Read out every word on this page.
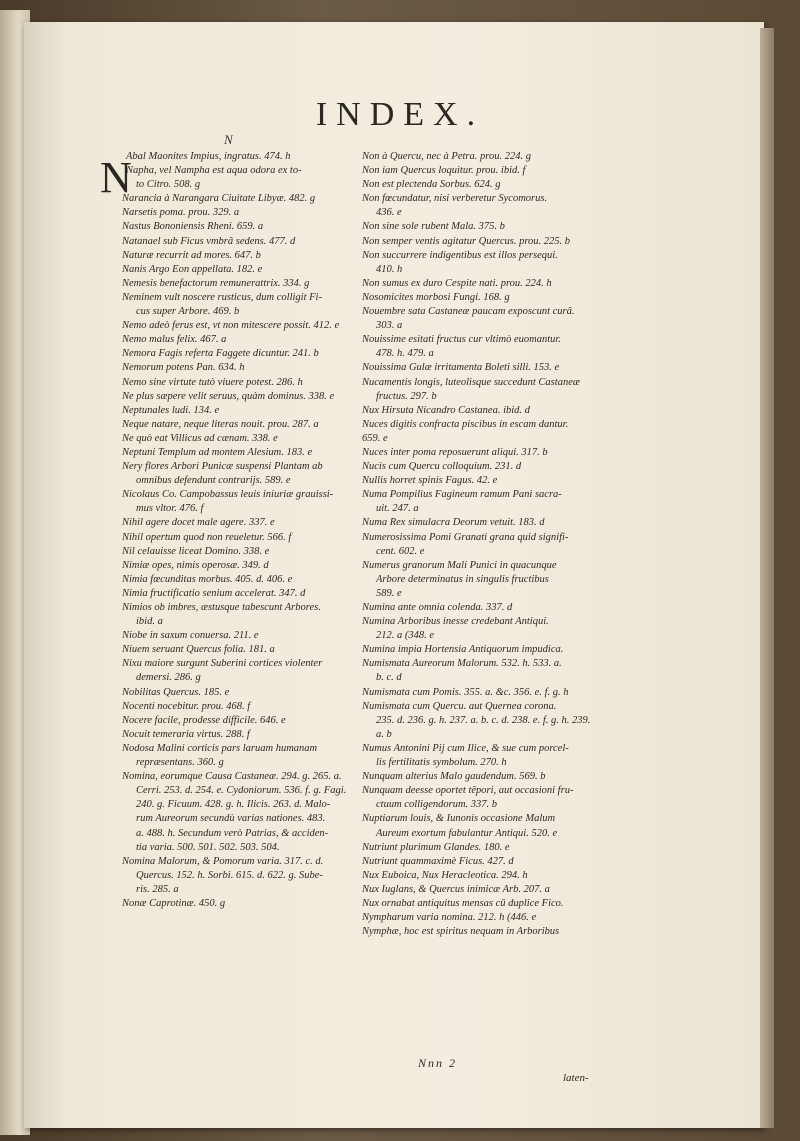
INDEX.
N
N
Abal Maonites Impius, ingratus. 474. h
Napha, vel Nampha est aqua odora ex to-
to Citro. 508. g
Narancia à Narangara Ciuitate Libyæ. 482. g
Narsetis poma. prou. 329. a
Nastus Bononiensis Rheni. 659. a
Natanael sub Ficus vmbrâ sedens. 477. d
Naturæ recurrit ad mores. 647. b
Nanis Argo Eon appellata. 182. e
Nemesis benefactorum remunerattrix. 334. g
Neminem vult noscere rusticus, dum colligit Fi-
cus super Arbore. 469. b
Nemo adeò ferus est, vt non mitescere possit. 412. e
Nemo malus felix. 467. a
Nemora Fagis referta Faggete dicuntur. 241. b
Nemorum potens Pan. 634. h
Nemo sine virtute tutò viuere potest. 286. h
Ne plus sæpere velit seruus, quàm dominus. 338. e
Neptunales ludi. 134. e
Neque natare, neque literas nouit. prou. 287. a
Ne quò eat Villicus ad cænam. 338. e
Neptuni Templum ad montem Alesium. 183. e
Nery flores Arbori Punicæ suspensi Plantam ab
omnibus defendunt contrarijs. 589. e
Nicolaus Co. Campobassus leuis iniuriæ grauissi-
mus vltor. 476. f
Nihil agere docet male agere. 337. e
Nihil opertum quod non reueletur. 566. f
Nil celauisse liceat Domino. 338. e
Nimiæ opes, nimis operosæ. 349. d
Nimia fœcunditas morbus. 405. d. 406. e
Nimia fructificatio senium accelerat. 347. d
Nimios ob imbres, æstusque tabescunt Arbores.
ibid. a
Niobe in saxum conuersa. 211. e
Niuem seruant Quercus folia. 181. a
Nixu maiore surgunt Suberini cortices violenter
demersi. 286. g
Nobilitas Quercus. 185. e
Nocenti nocebitur. prou. 468. f
Nocere facile, prodesse difficile. 646. e
Nocuit temeraria virtus. 288. f
Nodosa Malini corticis pars laruam humanam
repræsentans. 360. g
Nomina, eorumque Causa Castaneæ. 294. g. 265. a.
Cerri. 253. d. 254. e. Cydoniorum. 536. f. g. Fagi.
240. g. Ficuum. 428. g. h. Ilicis. 263. d. Malo-
rum Aureorum secundù varias nationes. 483.
a. 488. h. Secundum verò Patrias, & acciden-
tia varia. 500. 501. 502. 503. 504.
Nomina Malorum, & Pomorum varia. 317. c. d.
Quercus. 152. h. Sorbi. 615. d. 622. g. Sube-
ris. 285. a
Nonæ Caprotinæ. 450. g
Non à Quercu, nec à Petra. prou. 224. g
Non iam Quercus loquitur. prou. ibid. f
Non est plectenda Sorbus. 624. g
Non fœcundatur, nisi verberetur Sycomorus.
436. e
Non sine sole rubent Mala. 375. b
Non semper ventis agitatur Quercus. prou. 225. b
Non succurrere indigentibus est illos persequi.
410. h
Non sumus ex duro Cespite nati. prou. 224. h
Nosomicites morbosi Fungi. 168. g
Nouembre sata Castaneæ paucam exposcunt curâ.
303. a
Nouissime esitati fructus cur vltimò euomantur.
478. h. 479. a
Nouissima Gulæ irritamenta Boleti silli. 153. e
Nucamentis longis, luteolisque succedunt Castaneæ
fructus. 297. b
Nux Hirsuta Nicandro Castanea. ibid. d
Nuces digitis confracta piscibus in escam dantur.
659. e
Nuces inter poma reposuerunt aliqui. 317. b
Nucis cum Quercu colloquium. 231. d
Nullis horret spinis Fagus. 42. e
Numa Pompilius Fagineum ramum Pani sacra-
uit. 247. a
Numa Rex simulacra Deorum vetuit. 183. d
Numerosissima Pomi Granati grana quid signifi-
cent. 602. e
Numerus granorum Mali Punici in quacunque
Arbore determinatus in singulis fructibus
589. e
Numina ante omnia colenda. 337. d
Numina Arboribus inesse credebant Antiqui.
212. a (348. e
Numina impia Hortensia Antiquorum impudica.
Numismata Aureorum Malorum. 532. h. 533. a.
b. c. d
Numismata cum Pomis. 355. a. &c. 356. e. f. g. h
Numismata cum Quercu. aut Quernea corona.
235. d. 236. g. h. 237. a. b. c. d. 238. e. f. g. h. 239.
a. b
Numus Antonini Pij cum Ilice, & sue cum porcel-
lis fertilitatis symbolum. 270. h
Nunquam alterius Malo gaudendum. 569. b
Nunquam deesse oportet tēpori, aut occasioni fru-
ctuum colligendorum. 337. b
Nuptiarum louis, & Iunonis occasione Malum
Aureum exortum fabulantur Antiqui. 520. e
Nutriunt plurimum Glandes. 180. e
Nutriunt quammaximè Ficus. 427. d
Nux Euboica, Nux Heracleotica. 294. h
Nux Iuglans, & Quercus inimicæ Arb. 207. a
Nux ornabat antiquitus mensas cū duplice Fico.
Nympharum varia nomina. 212. h (446. e
Nymphæ, hoc est spiritus nequam in Arboribus
Nnn 2
laten-
